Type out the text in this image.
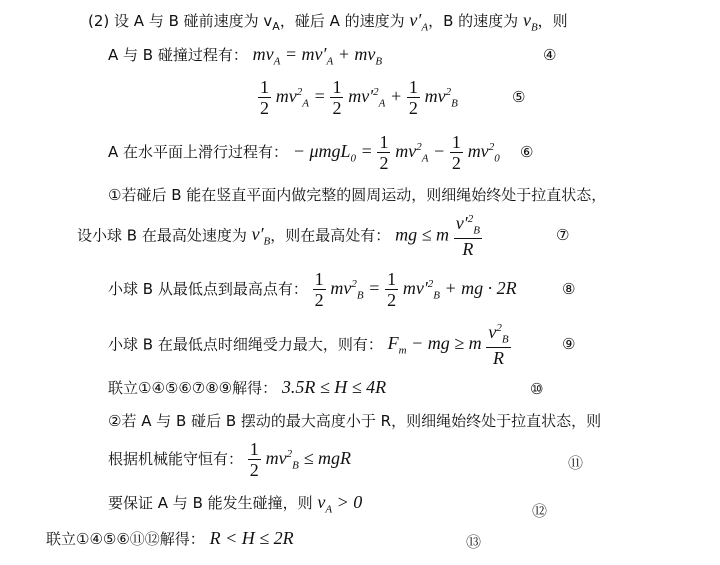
(2) 设 A 与 B 碰前速度为 $v_A$，碰后 A 的速度为 $v'_A$，B 的速度为 $v_B$，则
A 与 B 碰撞过程有： $mv_A = mv'_A + mv_B$	④
$\frac{1}{2} mv^2_A = \frac{1}{2} mv'^2_A + \frac{1}{2} mv^2_B$	⑤
A 在水平面上滑行过程有： − $\mu mgL_0 = \frac{1}{2} mv^2_A - \frac{1}{2} mv^2_0$ ⑥
①若碰后 B 能在竖直平面内做完整的圆周运动，则细绳始终处于拉直状态，
设小球 B 在最高处速度为 $v'_B$，则在最高处有： mg ≤ m $\frac{v'^2_B}{R}$	⑦
小球 B 从最低点到最高点有： $\frac{1}{2} mv^2_B = \frac{1}{2} mv'^2_B$ + mg · 2R	⑧
小球 B 在最低点时细绳受力最大，则有： $F_m$ − mg ≥ m $\frac{v^2_B}{R}$	⑨
联立①④⑤⑥⑦⑧⑨解得： 3.5R ≤ H ≤ 4R	⑩
②若 A 与 B 碰后 B 摆动的最大高度小于 R，则细绳始终处于拉直状态，则
根据机械能守恒有： $\frac{1}{2} mv^2_B$ ≤ mgR	⑪
要保证 A 与 B 能发生碰撞，则 $v_A > 0$	⑫
联立①④⑤⑥⑪⑫解得： R < H ≤ 2R	⑬
